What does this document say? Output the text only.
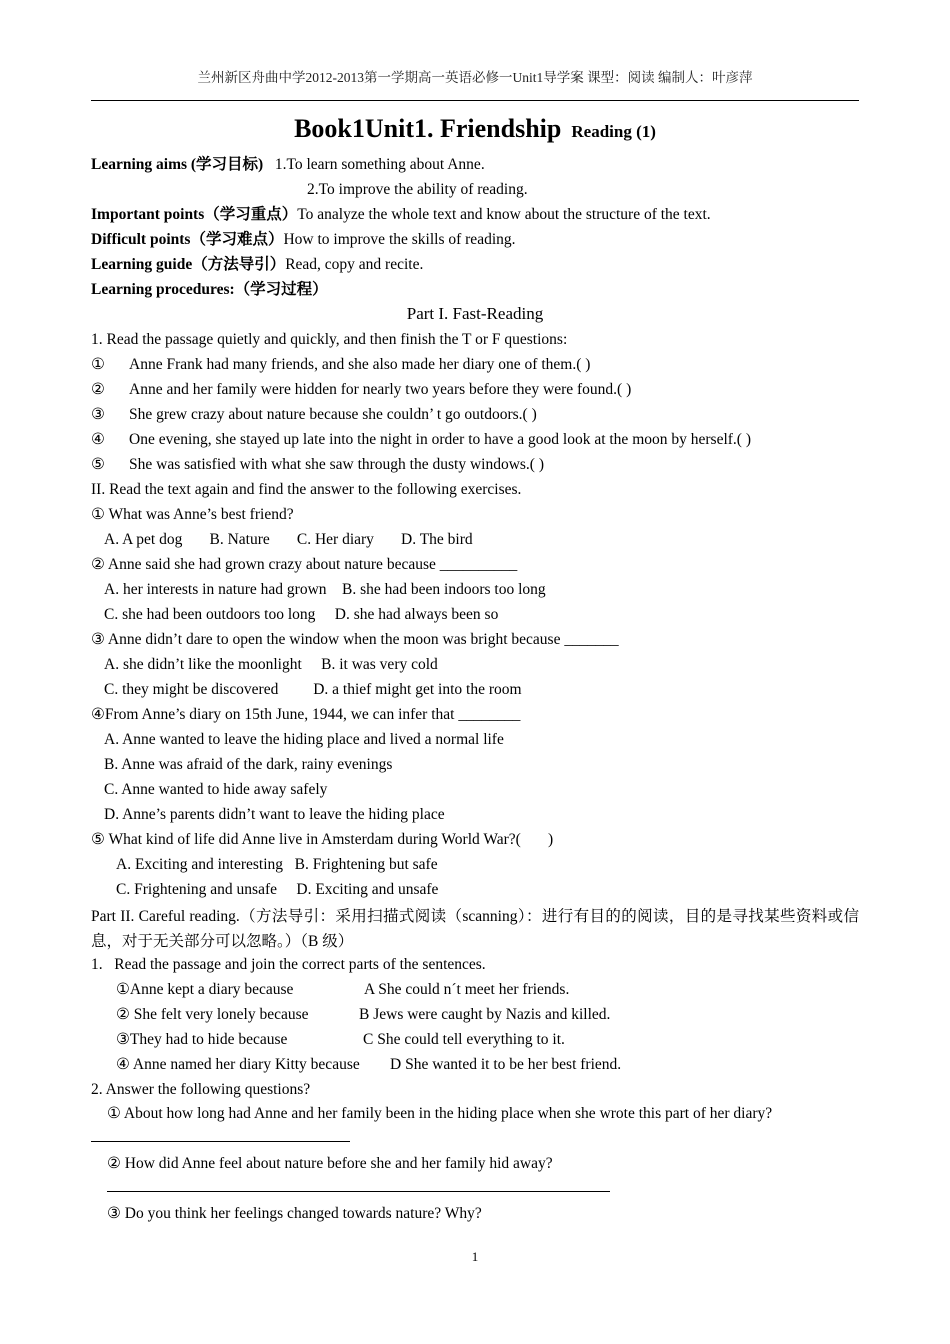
兰州新区舟曲中学2012-2013第一学期高一英语必修一Unit1导学案 课型：阅读 编制人：叶彦萍
Book1Unit1. Friendship Reading (1)
Learning aims (学习目标) 1.To learn something about Anne.
2.To improve the ability of reading.
Important points（学习重点）To analyze the whole text and know about the structure of the text.
Difficult points（学习难点）How to improve the skills of reading.
Learning guide（方法导引）Read, copy and recite.
Learning procedures:（学习过程）
Part I. Fast-Reading
1. Read the passage quietly and quickly, and then finish the T or F questions:
① Anne Frank had many friends, and she also made her diary one of them.( )
② Anne and her family were hidden for nearly two years before they were found.( )
③ She grew crazy about nature because she couldn’ t go outdoors.( )
④ One evening, she stayed up late into the night in order to have a good look at the moon by herself.( )
⑤ She was satisfied with what she saw through the dusty windows.( )
II. Read the text again and find the answer to the following exercises.
① What was Anne’s best friend?
A. A pet dog       B. Nature       C. Her diary       D. The bird
② Anne said she had grown crazy about nature because __________
A. her interests in nature had grown    B. she had been indoors too long
C. she had been outdoors too long     D. she had always been so
③ Anne didn’t dare to open the window when the moon was bright because _______
A. she didn’t like the moonlight     B. it was very cold
C. they might be discovered         D. a thief might get into the room
④From Anne’s diary on 15th June, 1944, we can infer that ________
A. Anne wanted to leave the hiding place and lived a normal life
B. Anne was afraid of the dark, rainy evenings
C. Anne wanted to hide away safely
D. Anne’s parents didn’t want to leave the hiding place
⑤ What kind of life did Anne live in Amsterdam during World War?(       )
A. Exciting and interesting   B. Frightening but safe
C. Frightening and unsafe     D. Exciting and unsafe
Part II. Careful reading.（方法导引：采用扫描式阅读（scanning）：进行有目的的阅读，目的是寻找某些资料或信息，对于无关部分可以忽略。）（B 级）
1.   Read the passage and join the correct parts of the sentences.
①Anne kept a diary because	A She could n´t meet her friends.
② She felt very lonely because	B Jews were caught by Nazis and killed.
③They had to hide because	C She could tell everything to it.
④ Anne named her diary Kitty because D She wanted it to be her best friend.
2. Answer the following questions?
① About how long had Anne and her family been in the hiding place when she wrote this part of her diary?
② How did Anne feel about nature before she and her family hid away?
③ Do you think her feelings changed towards nature? Why?
1
